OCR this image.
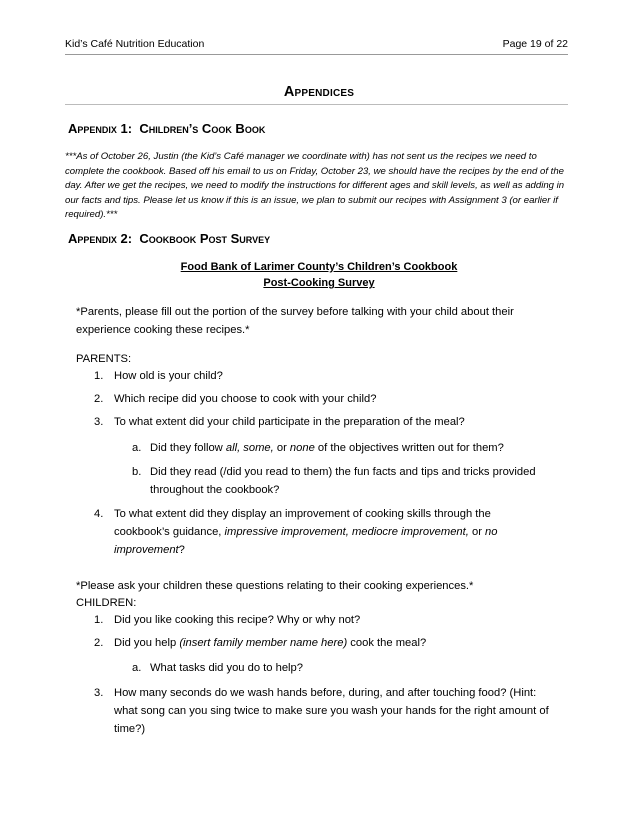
Kid’s Café Nutrition Education	Page 19 of 22
Appendices
Appendix 1: Children’s Cook Book
***As of October 26, Justin (the Kid’s Café manager we coordinate with) has not sent us the recipes we need to complete the cookbook. Based off his email to us on Friday, October 23, we should have the recipes by the end of the day. After we get the recipes, we need to modify the instructions for different ages and skill levels, as well as adding in our facts and tips. Please let us know if this is an issue, we plan to submit our recipes with Assignment 3 (or earlier if required).***
Appendix 2: Cookbook Post Survey
Food Bank of Larimer County’s Children’s Cookbook
Post-Cooking Survey
*Parents, please fill out the portion of the survey before talking with your child about their experience cooking these recipes.*
PARENTS:
1. How old is your child?
2. Which recipe did you choose to cook with your child?
3. To what extent did your child participate in the preparation of the meal?
a. Did they follow all, some, or none of the objectives written out for them?
b. Did they read (/did you read to them) the fun facts and tips and tricks provided
throughout the cookbook?
4. To what extent did they display an improvement of cooking skills through the
cookbook’s guidance, impressive improvement, mediocre improvement, or no
improvement?
*Please ask your children these questions relating to their cooking experiences.*
CHILDREN:
1. Did you like cooking this recipe? Why or why not?
2. Did you help (insert family member name here) cook the meal?
a. What tasks did you do to help?
3. How many seconds do we wash hands before, during, and after touching food? (Hint:
what song can you sing twice to make sure you wash your hands for the right amount of
time?)
